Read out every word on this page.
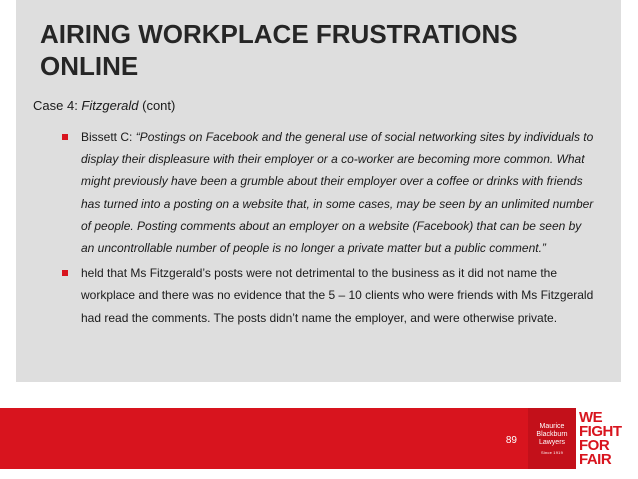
AIRING WORKPLACE FRUSTRATIONS
ONLINE
Case 4: Fitzgerald (cont)
Bissett C: “Postings on Facebook and the general use of social networking sites by individuals to display their displeasure with their employer or a co-worker are becoming more common. What might previously have been a grumble about their employer over a coffee or drinks with friends has turned into a posting on a website that, in some cases, may be seen by an unlimited number of people. Posting comments about an employer on a website (Facebook) that can be seen by an uncontrollable number of people is no longer a private matter but a public comment.”
held that Ms Fitzgerald’s posts were not detrimental to the business as it did not name the workplace and there was no evidence that the 5 – 10 clients who were friends with Ms Fitzgerald had read the comments. The posts didn’t name the employer, and were otherwise private.
89
Maurice
Blackburn
Lawyers
Since 1919
WE
FIGHT
FOR
FAIR
